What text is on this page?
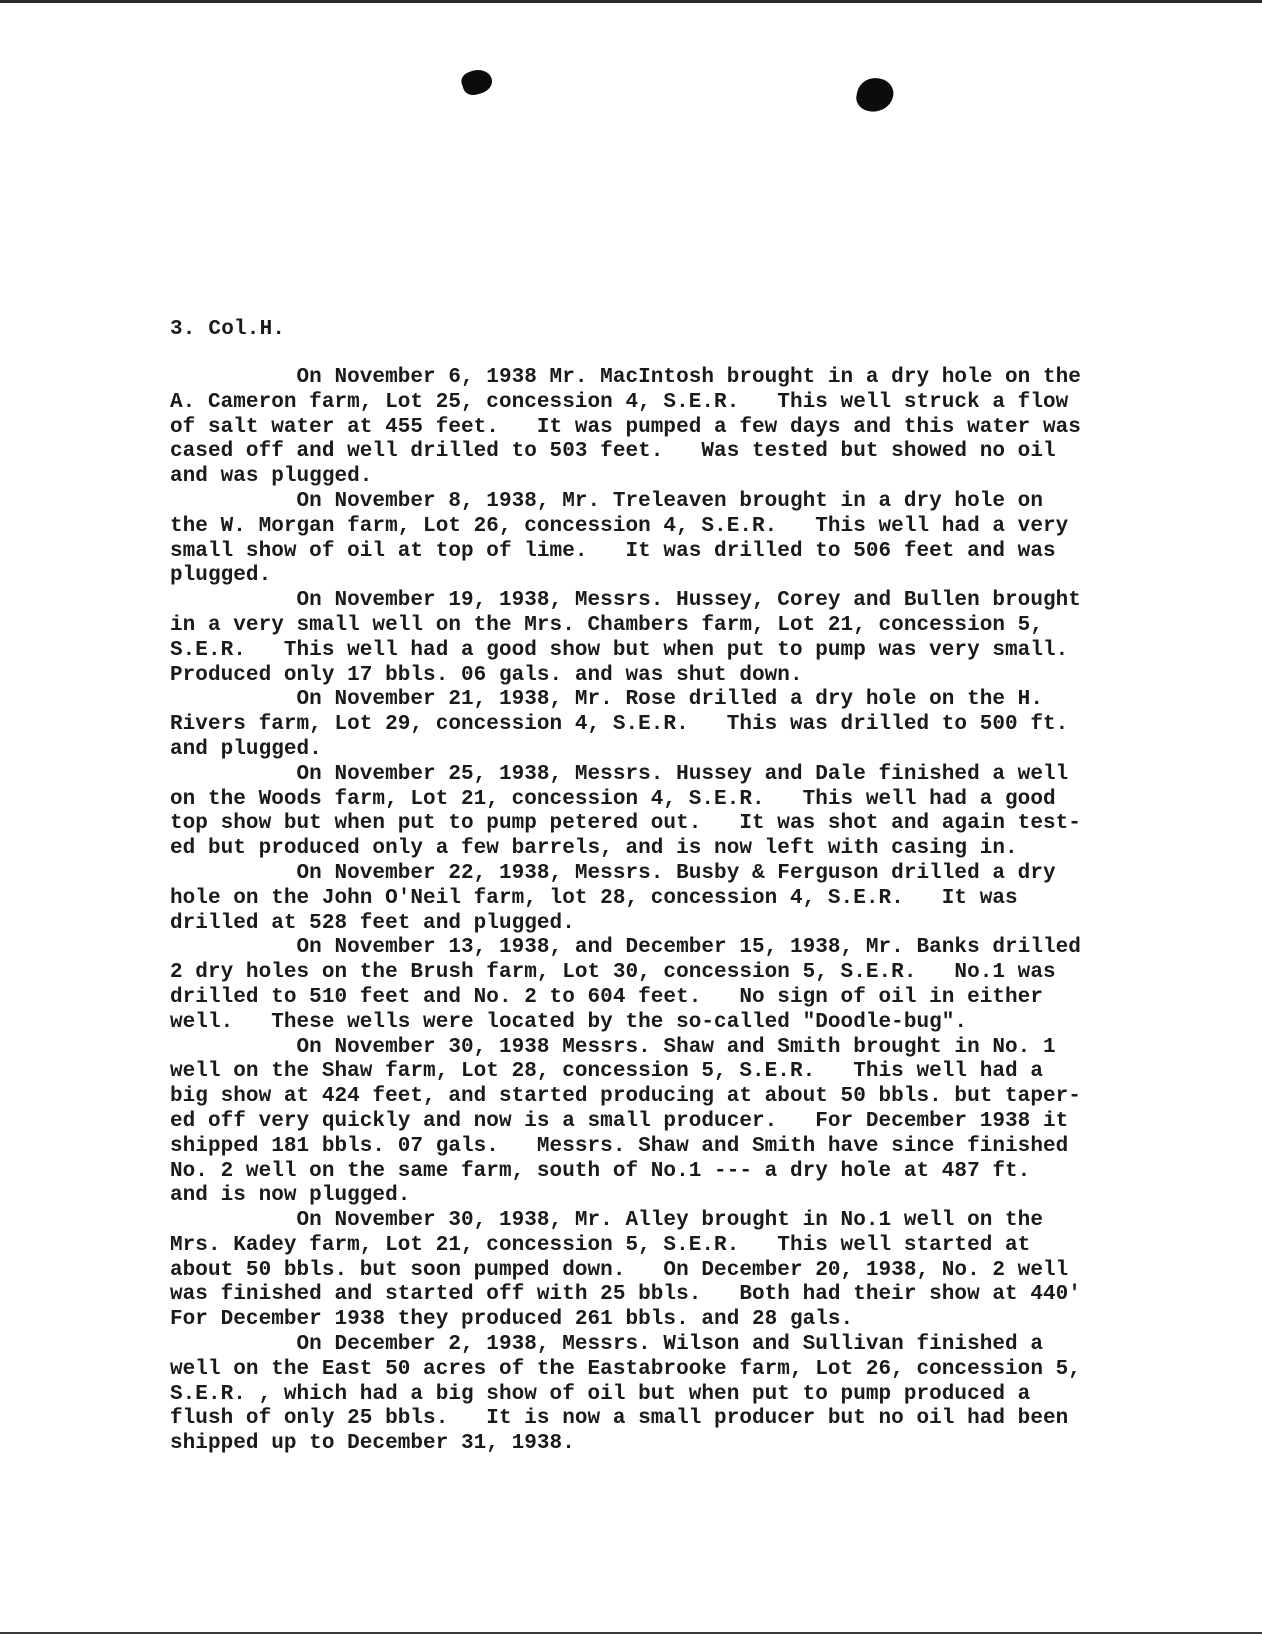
3. Col.H.
On November 6, 1938 Mr. MacIntosh brought in a dry hole on the
A. Cameron farm, Lot 25, concession 4, S.E.R.   This well struck a flow
of salt water at 455 feet.   It was pumped a few days and this water was
cased off and well drilled to 503 feet.   Was tested but showed no oil
and was plugged.
On November 8, 1938, Mr. Treleaven brought in a dry hole on
the W. Morgan farm, Lot 26, concession 4, S.E.R.   This well had a very
small show of oil at top of lime.   It was drilled to 506 feet and was
plugged.
On November 19, 1938, Messrs. Hussey, Corey and Bullen brought
in a very small well on the Mrs. Chambers farm, Lot 21, concession 5,
S.E.R.   This well had a good show but when put to pump was very small.
Produced only 17 bbls. 06 gals. and was shut down.
On November 21, 1938, Mr. Rose drilled a dry hole on the H.
Rivers farm, Lot 29, concession 4, S.E.R.   This was drilled to 500 ft.
and plugged.
On November 25, 1938, Messrs. Hussey and Dale finished a well
on the Woods farm, Lot 21, concession 4, S.E.R.   This well had a good
top show but when put to pump petered out.   It was shot and again test-
ed but produced only a few barrels, and is now left with casing in.
On November 22, 1938, Messrs. Busby & Ferguson drilled a dry
hole on the John O'Neil farm, lot 28, concession 4, S.E.R.   It was
drilled at 528 feet and plugged.
On November 13, 1938, and December 15, 1938, Mr. Banks drilled
2 dry holes on the Brush farm, Lot 30, concession 5, S.E.R.   No.1 was
drilled to 510 feet and No. 2 to 604 feet.   No sign of oil in either
well.   These wells were located by the so-called "Doodle-bug".
On November 30, 1938 Messrs. Shaw and Smith brought in No. 1
well on the Shaw farm, Lot 28, concession 5, S.E.R.   This well had a
big show at 424 feet, and started producing at about 50 bbls. but taper-
ed off very quickly and now is a small producer.   For December 1938 it
shipped 181 bbls. 07 gals.   Messrs. Shaw and Smith have since finished
No. 2 well on the same farm, south of No.1 --- a dry hole at 487 ft.
and is now plugged.
On November 30, 1938, Mr. Alley brought in No.1 well on the
Mrs. Kadey farm, Lot 21, concession 5, S.E.R.   This well started at
about 50 bbls. but soon pumped down.   On December 20, 1938, No. 2 well
was finished and started off with 25 bbls.   Both had their show at 440'
For December 1938 they produced 261 bbls. and 28 gals.
On December 2, 1938, Messrs. Wilson and Sullivan finished a
well on the East 50 acres of the Eastabrooke farm, Lot 26, concession 5,
S.E.R. , which had a big show of oil but when put to pump produced a
flush of only 25 bbls.   It is now a small producer but no oil had been
shipped up to December 31, 1938.
